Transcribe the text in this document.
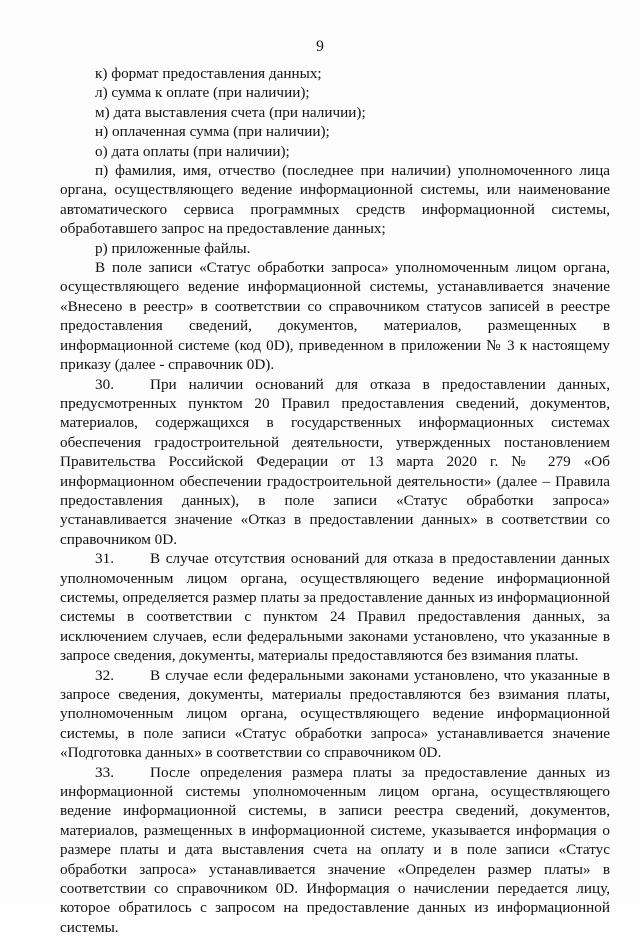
9

к) формат предоставления данных;

л) сумма к оплате (при наличии);

м) дата выставления счета (при наличии);

н) оплаченная сумма (при наличии);

о) дата оплаты (при наличии);

п) фамилия, имя, отчество (последнее при наличии) уполномоченного лица органа, осуществляющего ведение информационной системы, или наименование автоматического сервиса программных средств информационной системы, обработавшего запрос на предоставление данных;

р) приложенные файлы.

В поле записи «Статус обработки запроса» уполномоченным лицом органа, осуществляющего ведение информационной системы, устанавливается значение «Внесено в реестр» в соответствии со справочником статусов записей в реестре предоставления сведений, документов, материалов, размещенных в информационной системе (код 0D), приведенном в приложении № 3 к настоящему приказу (далее - справочник 0D).

30. При наличии оснований для отказа в предоставлении данных, предусмотренных пунктом 20 Правил предоставления сведений, документов, материалов, содержащихся в государственных информационных системах обеспечения градостроительной деятельности, утвержденных постановлением Правительства Российской Федерации от 13 марта 2020 г. № 279 «Об информационном обеспечении градостроительной деятельности» (далее – Правила предоставления данных), в поле записи «Статус обработки запроса» устанавливается значение «Отказ в предоставлении данных» в соответствии со справочником 0D.

31. В случае отсутствия оснований для отказа в предоставлении данных уполномоченным лицом органа, осуществляющего ведение информационной системы, определяется размер платы за предоставление данных из информационной системы в соответствии с пунктом 24 Правил предоставления данных, за исключением случаев, если федеральными законами установлено, что указанные в запросе сведения, документы, материалы предоставляются без взимания платы.

32. В случае если федеральными законами установлено, что указанные в запросе сведения, документы, материалы предоставляются без взимания платы, уполномоченным лицом органа, осуществляющего ведение информационной системы, в поле записи «Статус обработки запроса» устанавливается значение «Подготовка данных» в соответствии со справочником 0D.

33. После определения размера платы за предоставление данных из информационной системы уполномоченным лицом органа, осуществляющего ведение информационной системы, в записи реестра сведений, документов, материалов, размещенных в информационной системе, указывается информация о размере платы и дата выставления счета на оплату и в поле записи «Статус обработки запроса» устанавливается значение «Определен размер платы» в соответствии со справочником 0D. Информация о начислении передается лицу, которое обратилось с запросом на предоставление данных из информационной системы.
